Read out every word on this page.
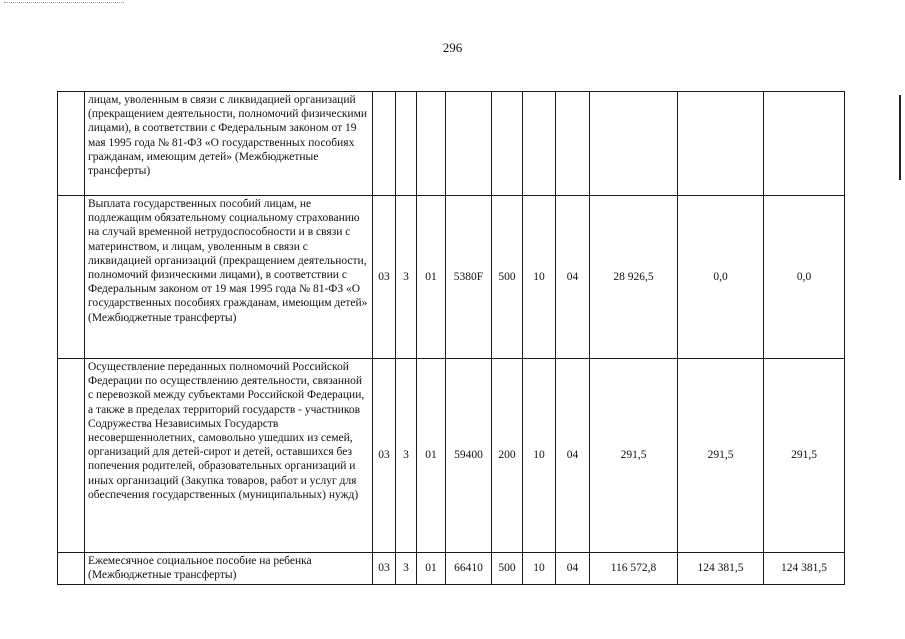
296
	лицам, уволенным в связи с ликвидацией организаций (прекращением деятельности, полномочий физическими лицами), в соответствии с Федеральным законом от 19 мая 1995 года № 81-ФЗ «О государственных пособиях гражданам, имеющим детей» (Межбюджетные трансферты)										
	Выплата государственных пособий лицам, не подлежащим обязательному социальному страхованию на случай временной нетрудоспособности и в связи с материнством, и лицам, уволенным в связи с ликвидацией организаций (прекращением деятельности, полномочий физическими лицами), в соответствии с Федеральным законом от 19 мая 1995 года № 81-ФЗ «О государственных пособиях гражданам, имеющим детей» (Межбюджетные трансферты)	03	3	01	5380F	500	10	04	28 926,5	0,0	0,0
	Осуществление переданных полномочий Российской Федерации по осуществлению деятельности, связанной с перевозкой между субъектами Российской Федерации, а также в пределах территорий государств - участников Содружества Независимых Государств несовершеннолетних, самовольно ушедших из семей, организаций для детей-сирот и детей, оставшихся без попечения родителей, образовательных организаций и иных организаций (Закупка товаров, работ и услуг для обеспечения государственных (муниципальных) нужд)	03	3	01	59400	200	10	04	291,5	291,5	291,5
	Ежемесячное социальное пособие на ребенка (Межбюджетные трансферты)	03	3	01	66410	500	10	04	116 572,8	124 381,5	124 381,5
